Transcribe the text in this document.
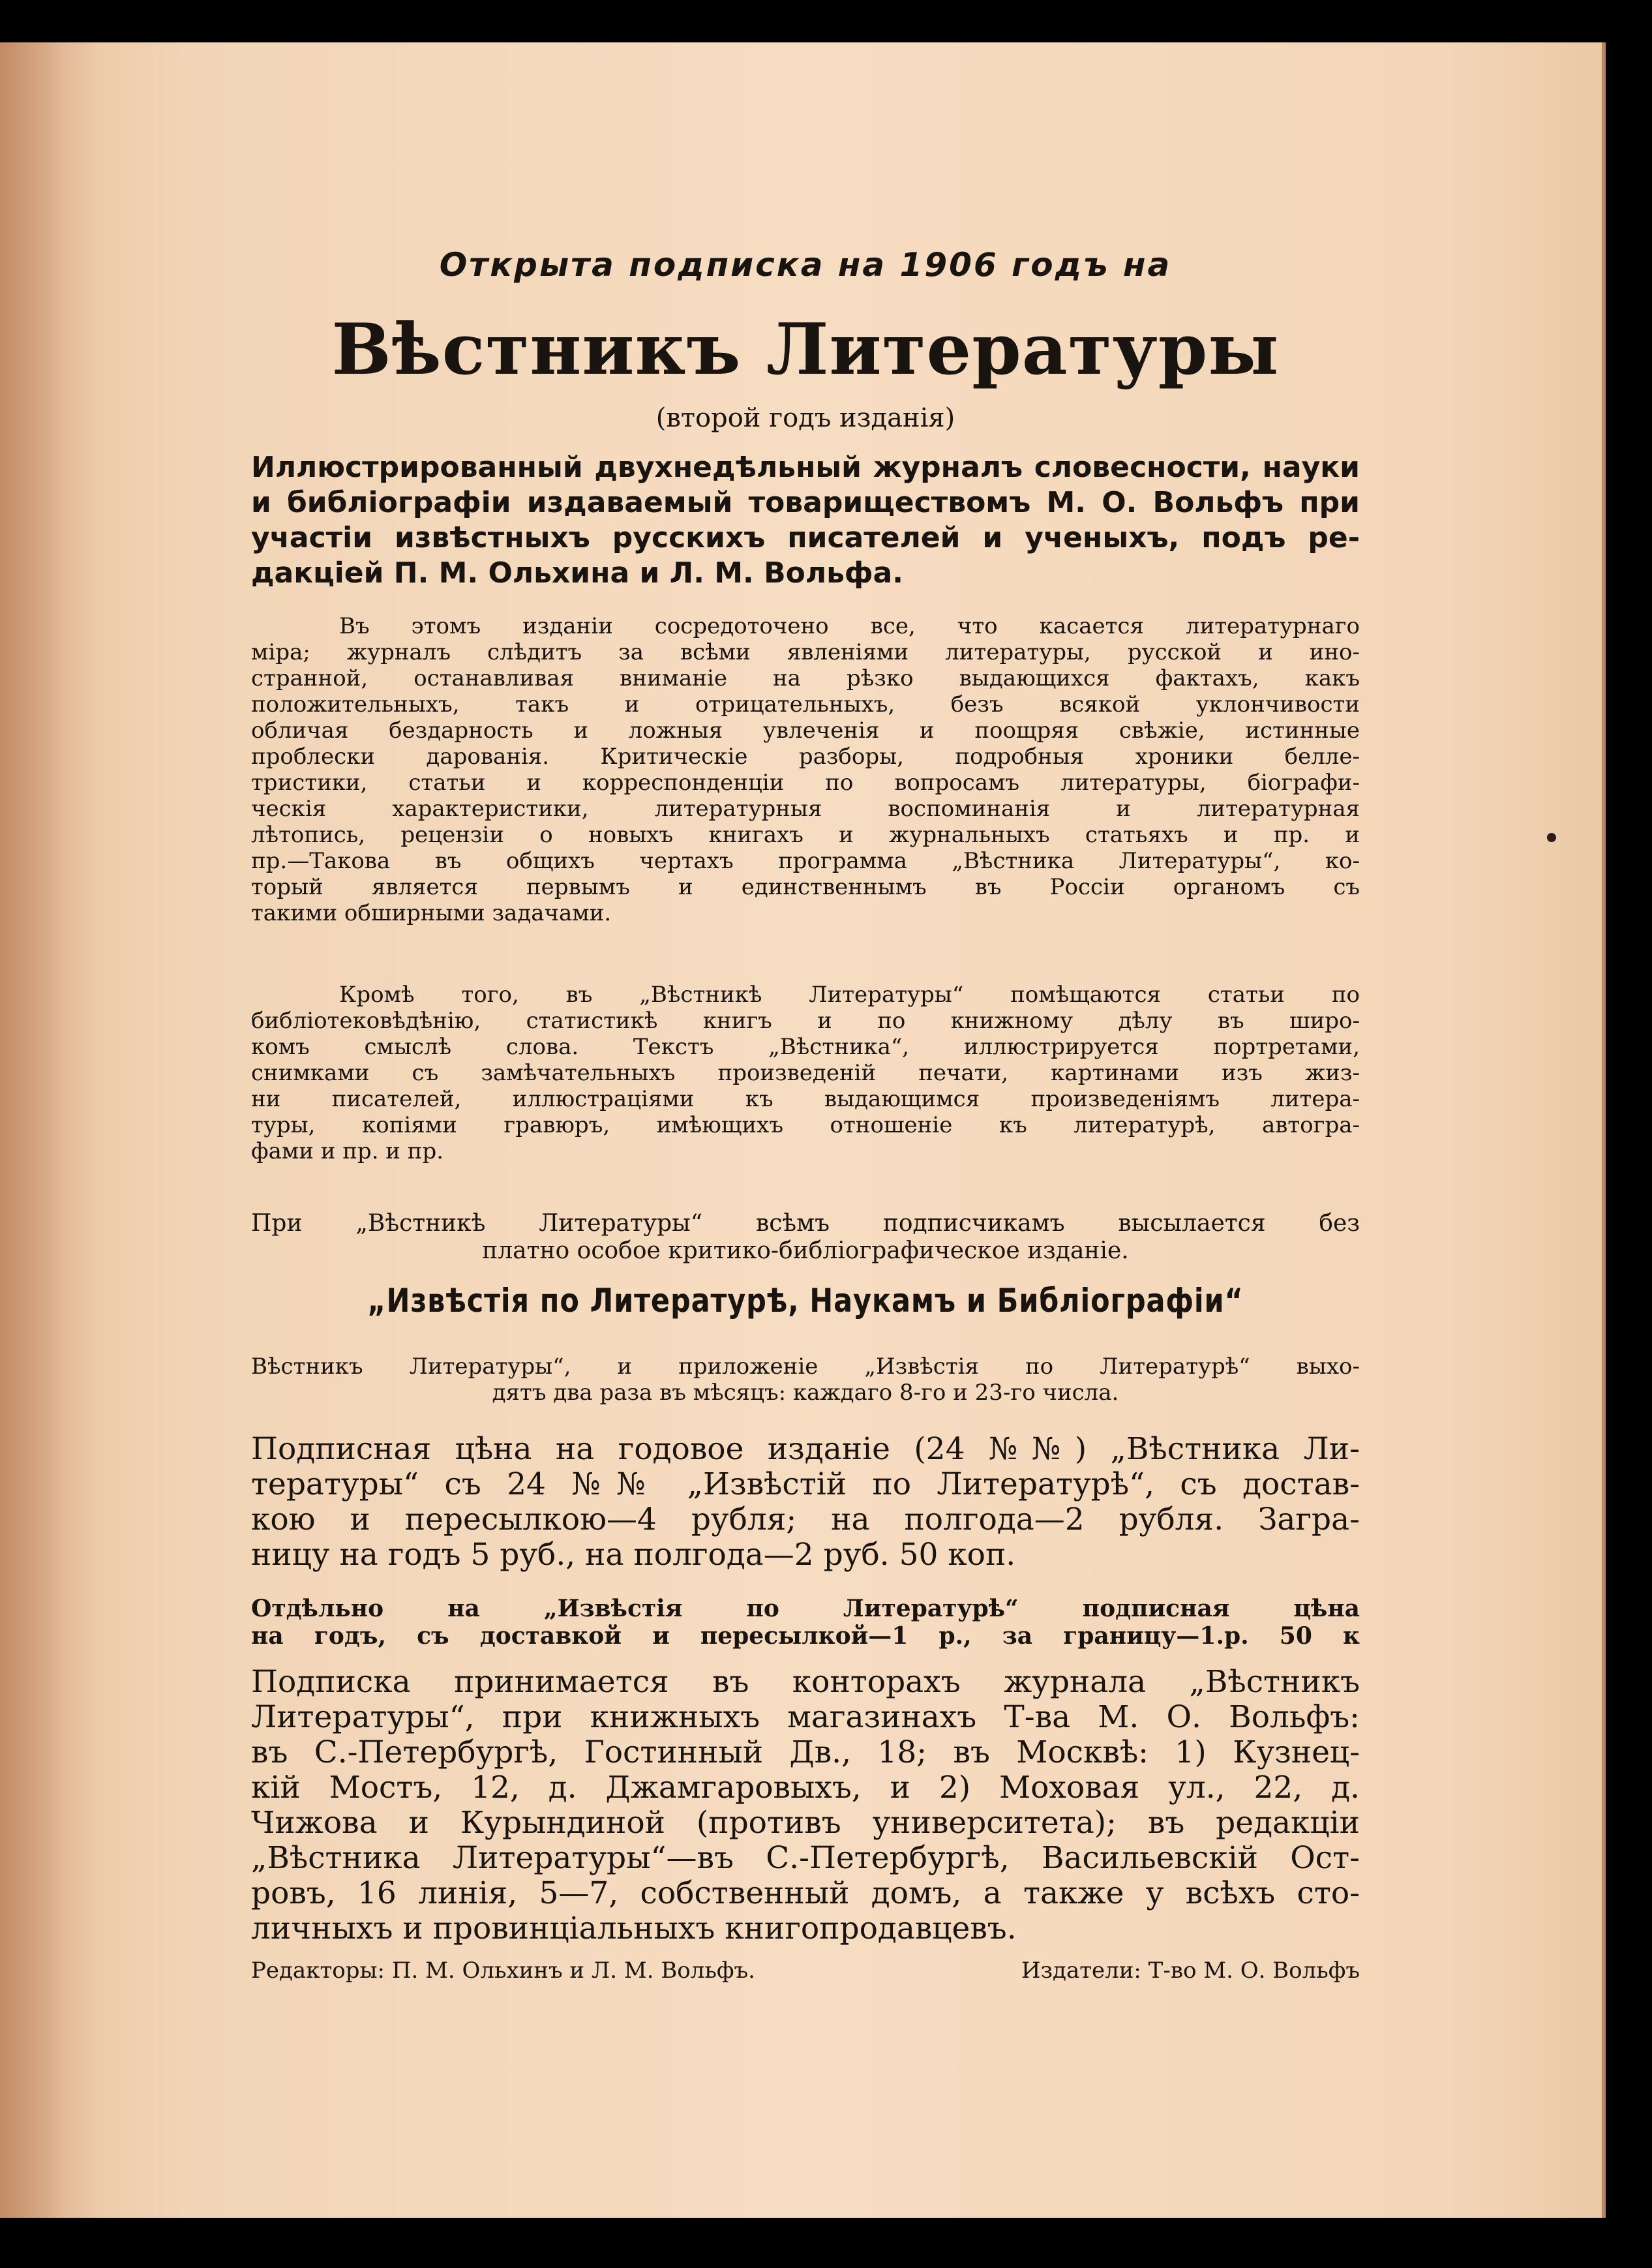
Открыта подписка на 1906 годъ на
Вѣстникъ Литературы
(второй годъ изданія)
Иллюстрированный двухнедѣльный журналъ словесности, науки
и библіографіи издаваемый товариществомъ М. О. Вольфъ при
участіи извѣстныхъ русскихъ писателей и ученыхъ, подъ ре-
дакціей П. М. Ольхина и Л. М. Вольфа.
Въ этомъ изданіи сосредоточено все, что касается литературнаго
міра; журналъ слѣдитъ за всѣми явленіями литературы, русской и ино-
странной, останавливая вниманіе на рѣзко выдающихся фактахъ, какъ
положительныхъ, такъ и отрицательныхъ, безъ всякой уклончивости
обличая бездарность и ложныя увлеченія и поощряя свѣжіе, истинные
проблески дарованія. Критическіе разборы, подробныя хроники белле-
тристики, статьи и корреспонденціи по вопросамъ литературы, біографи-
ческія характеристики, литературныя воспоминанія и литературная
лѣтопись, рецензіи о новыхъ книгахъ и журнальныхъ статьяхъ и пр. и
пр.—Такова въ общихъ чертахъ программа „Вѣстника Литературы“, ко-
торый является первымъ и единственнымъ въ Россіи органомъ съ
такими обширными задачами.
Кромѣ того, въ „Вѣстникѣ Литературы“ помѣщаются статьи по
библіотековѣдѣнію, статистикѣ книгъ и по книжному дѣлу въ широ-
комъ смыслѣ слова. Текстъ „Вѣстника“, иллюстрируется портретами,
снимками съ замѣчательныхъ произведеній печати, картинами изъ жиз-
ни писателей, иллюстраціями къ выдающимся произведеніямъ литера-
туры, копіями гравюръ, имѣющихъ отношеніе къ литературѣ, автогра-
фами и пр. и пр.
При „Вѣстникѣ Литературы“ всѣмъ подписчикамъ высылается без
платно особое критико-библіографическое изданіе.
„Извѣстія по Литературѣ, Наукамъ и Библіографіи“
Вѣстникъ Литературы“, и приложеніе „Извѣстія по Литературѣ“ выхо-
дятъ два раза въ мѣсяцъ: каждаго 8-го и 23-го числа.
Подписная цѣна на годовое изданіе (24 №№) „Вѣстника Ли-
тературы“ съ 24 №№ „Извѣстій по Литературѣ“, съ достав-
кою и пересылкою—4 рубля; на полгода—2 рубля. Загра-
ницу на годъ 5 руб., на полгода—2 руб. 50 коп.
Отдѣльно на „Извѣстія по Литературѣ“ подписная цѣна
на годъ, съ доставкой и пересылкой—1 р., за границу—1.р. 50 к
Подписка принимается въ конторахъ журнала „Вѣстникъ
Литературы“, при книжныхъ магазинахъ Т-ва М. О. Вольфъ:
въ С.-Петербургѣ, Гостинный Дв., 18; въ Москвѣ: 1) Кузнец-
кій Мостъ, 12, д. Джамгаровыхъ, и 2) Моховая ул., 22, д.
Чижова и Курындиной (противъ университета); въ редакціи
„Вѣстника Литературы“—въ С.-Петербургѣ, Васильевскій Ост-
ровъ, 16 линія, 5—7, собственный домъ, а также у всѣхъ сто-
личныхъ и провинціальныхъ книгопродавцевъ.
Редакторы: П. М. Ольхинъ и Л. М. Вольфъ.	Издатели: Т-во М. О. Вольфъ
